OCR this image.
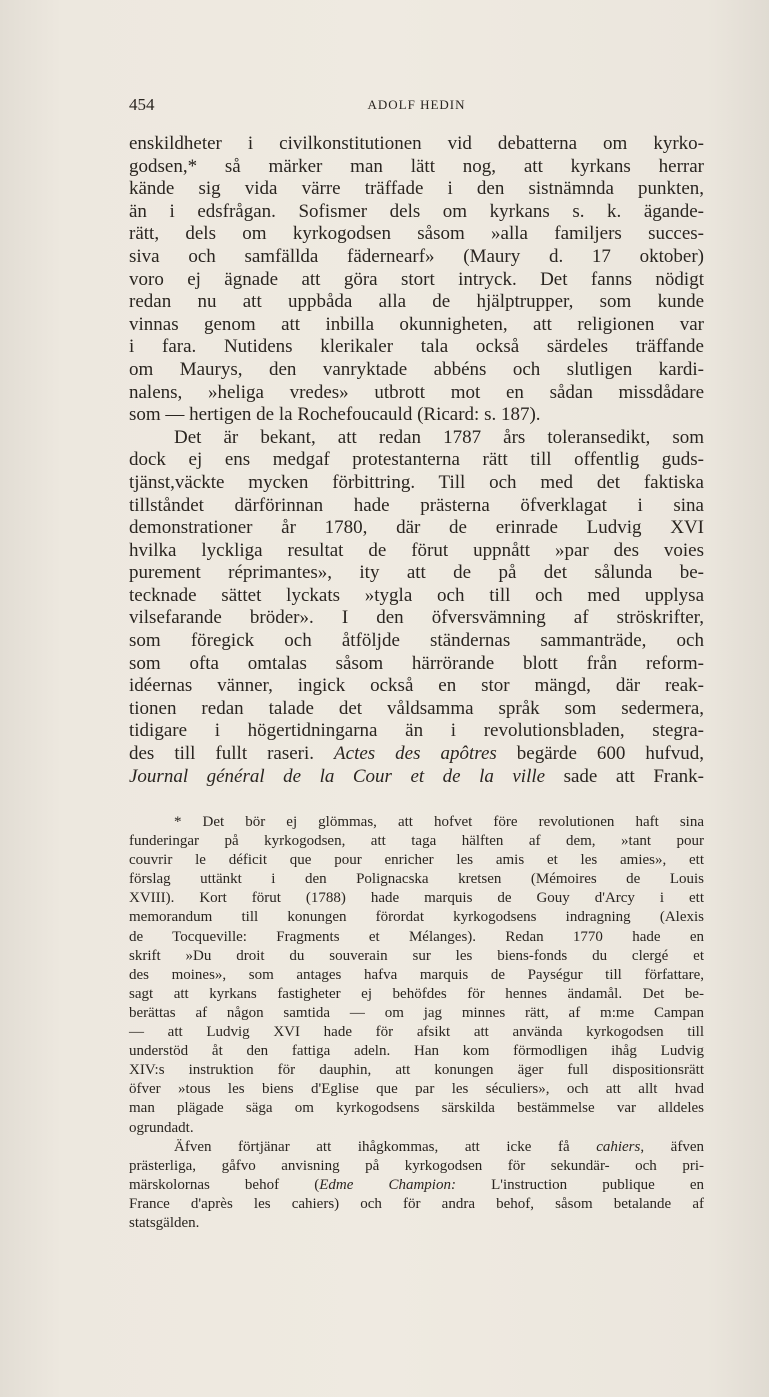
454	ADOLF HEDIN
enskildheter i civilkonstitutionen vid debatterna om kyrko-
godsen,* så märker man lätt nog, att kyrkans herrar
kände sig vida värre träffade i den sistnämnda punkten,
än i edsfrågan. Sofismer dels om kyrkans s. k. ägande-
rätt, dels om kyrkogodsen såsom »alla familjers succes-
siva och samfällda fädernearf» (Maury d. 17 oktober)
voro ej ägnade att göra stort intryck. Det fanns nödigt
redan nu att uppbåda alla de hjälptrupper, som kunde
vinnas genom att inbilla okunnigheten, att religionen var
i fara. Nutidens klerikaler tala också särdeles träffande
om Maurys, den vanryktade abbéns och slutligen kardi-
nalens, »heliga vredes» utbrott mot en sådan missdådare
som — hertigen de la Rochefoucauld (Ricard: s. 187).
Det är bekant, att redan 1787 års toleransedikt, som
dock ej ens medgaf protestanterna rätt till offentlig guds-
tjänst,väckte mycken förbittring. Till och med det faktiska
tillståndet därförinnan hade prästerna öfverklagat i sina
demonstrationer år 1780, där de erinrade Ludvig XVI
hvilka lyckliga resultat de förut uppnått »par des voies
purement réprimantes», ity att de på det sålunda be-
tecknade sättet lyckats »tygla och till och med upplysa
vilsefarande bröder». I den öfversvämning af ströskrifter,
som föregick och åtföljde ständernas sammanträde, och
som ofta omtalas såsom härrörande blott från reform-
idéernas vänner, ingick också en stor mängd, där reak-
tionen redan talade det våldsamma språk som sedermera,
tidigare i högertidningarna än i revolutionsbladen, stegra-
des till fullt raseri. Actes des apôtres begärde 600 hufvud,
Journal général de la Cour et de la ville sade att Frank-
* Det bör ej glömmas, att hofvet före revolutionen haft sina
funderingar på kyrkogodsen, att taga hälften af dem, »tant pour
couvrir le déficit que pour enricher les amis et les amies», ett
förslag uttänkt i den Polignacska kretsen (Mémoires de Louis
XVIII). Kort förut (1788) hade marquis de Gouy d'Arcy i ett
memorandum till konungen förordat kyrkogodsens indragning (Alexis
de Tocqueville: Fragments et Mélanges). Redan 1770 hade en
skrift »Du droit du souverain sur les biens-fonds du clergé et
des moines», som antages hafva marquis de Paységur till författare,
sagt att kyrkans fastigheter ej behöfdes för hennes ändamål. Det be-
berättas af någon samtida — om jag minnes rätt, af m:me Campan
— att Ludvig XVI hade för afsikt att använda kyrkogodsen till
understöd åt den fattiga adeln. Han kom förmodligen ihåg Ludvig
XIV:s instruktion för dauphin, att konungen äger full dispositionsrätt
öfver »tous les biens d'Eglise que par les séculiers», och att allt hvad
man plägade säga om kyrkogodsens särskilda bestämmelse var alldeles
ogrundadt.
Äfven förtjänar att ihågkommas, att icke få cahiers, äfven
prästerliga, gåfvo anvisning på kyrkogodsen för sekundär- och pri-
märskolornas behof (Edme Champion: L'instruction publique en
France d'après les cahiers) och för andra behof, såsom betalande af
statsgälden.
